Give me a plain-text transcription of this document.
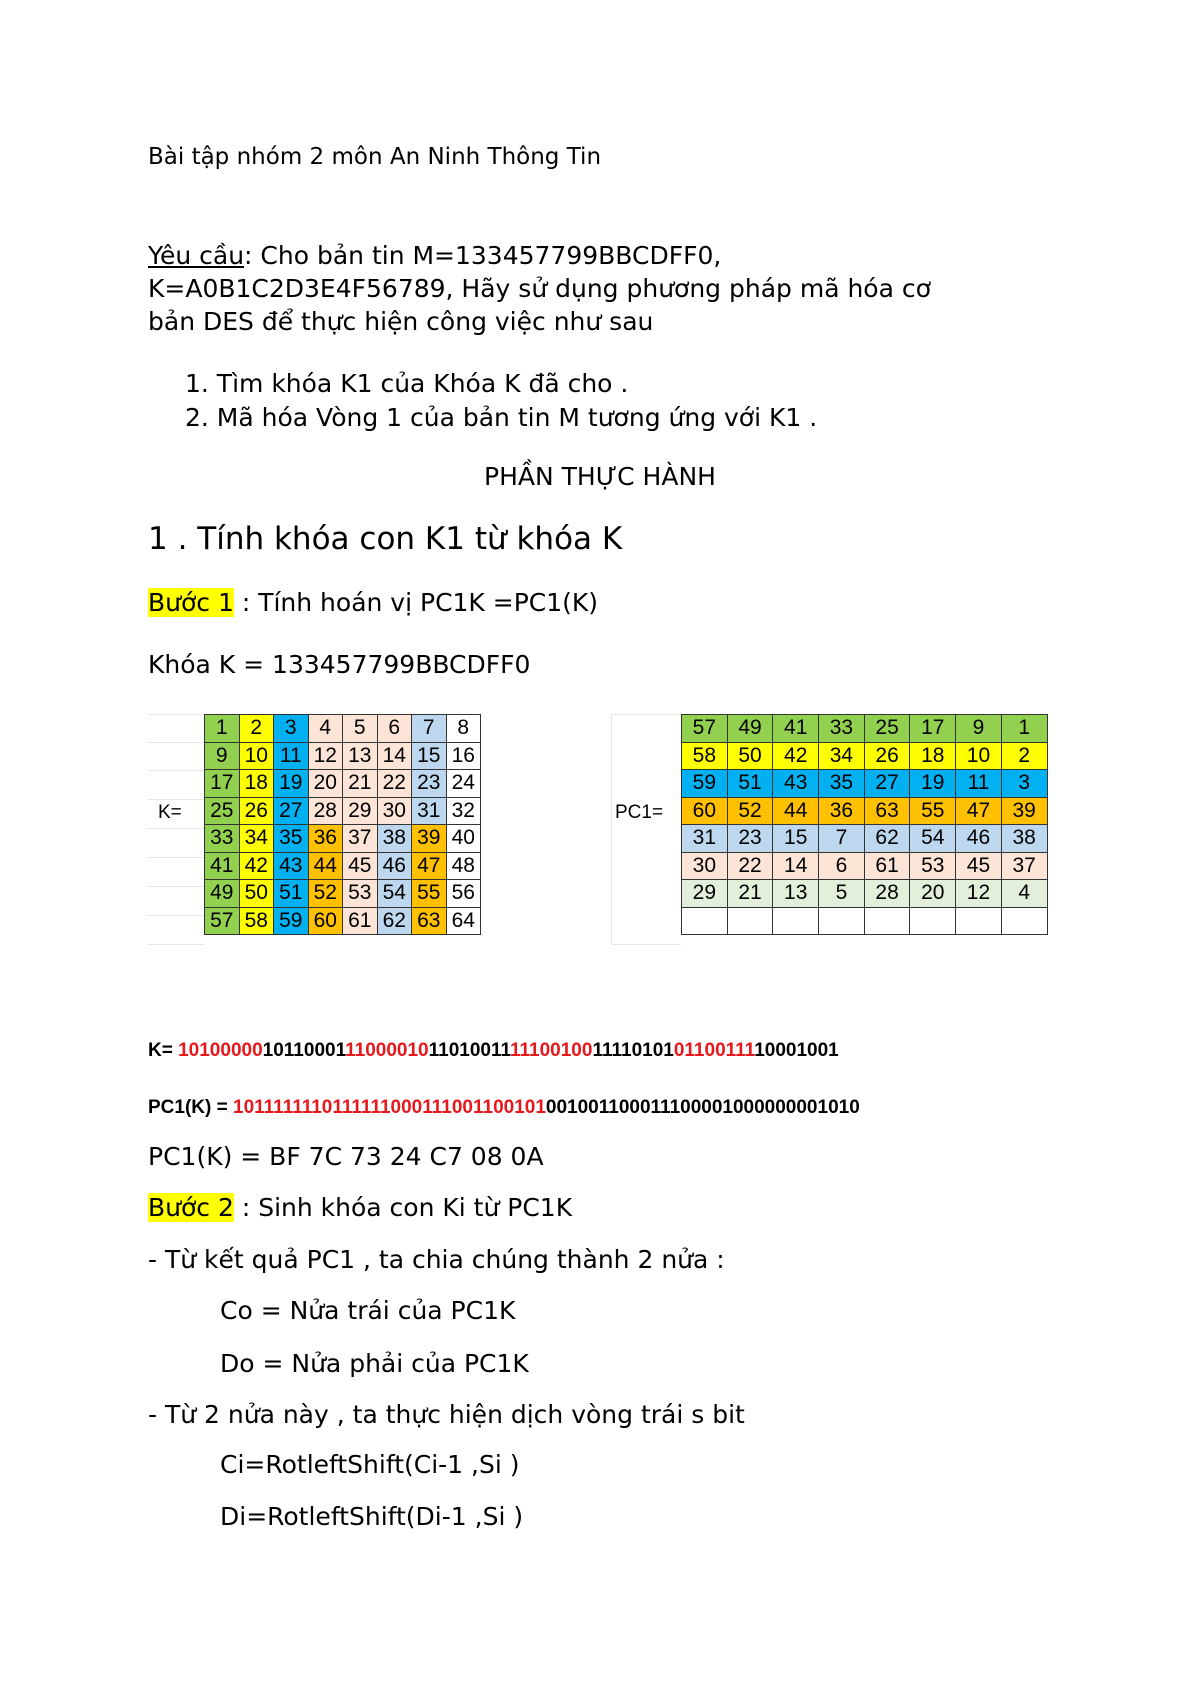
Bài tập nhóm 2 môn An Ninh Thông Tin
Yêu cầu: Cho bản tin M=133457799BBCDFF0,
K=A0B1C2D3E4F56789, Hãy sử dụng phương pháp mã hóa cơ
bản DES để thực hiện công việc như sau
1. Tìm khóa K1 của Khóa K đã cho .
2. Mã hóa Vòng 1 của bản tin M tương ứng với K1 .
PHẦN THỰC HÀNH
1 . Tính khóa con K1 từ khóa K
Bước 1 : Tính hoán vị PC1K =PC1(K)
Khóa K = 133457799BBCDFF0
K=
1	2	3	4	5	6	7	8
9	10	11	12	13	14	15	16
17	18	19	20	21	22	23	24
25	26	27	28	29	30	31	32
33	34	35	36	37	38	39	40
41	42	43	44	45	46	47	48
49	50	51	52	53	54	55	56
57	58	59	60	61	62	63	64
PC1=
57	49	41	33	25	17	9	1
58	50	42	34	26	18	10	2
59	51	43	35	27	19	11	3
60	52	44	36	63	55	47	39
31	23	15	7	62	54	46	38
30	22	14	6	61	53	45	37
29	21	13	5	28	20	12	4

K= 1010000010110001110000101101001111100100111101010110011110001001
PC1(K) = 1011111110111111000111001100101001001100011100001000000001010
PC1(K) = BF 7C 73 24 C7 08 0A
Bước 2 : Sinh khóa con Ki từ PC1K
- Từ kết quả PC1 , ta chia chúng thành 2 nửa :
Co = Nửa trái của PC1K
Do = Nửa phải của PC1K
- Từ 2 nửa này , ta thực hiện dịch vòng trái s bit
Ci=RotleftShift(Ci-1 ,Si )
Di=RotleftShift(Di-1 ,Si )
